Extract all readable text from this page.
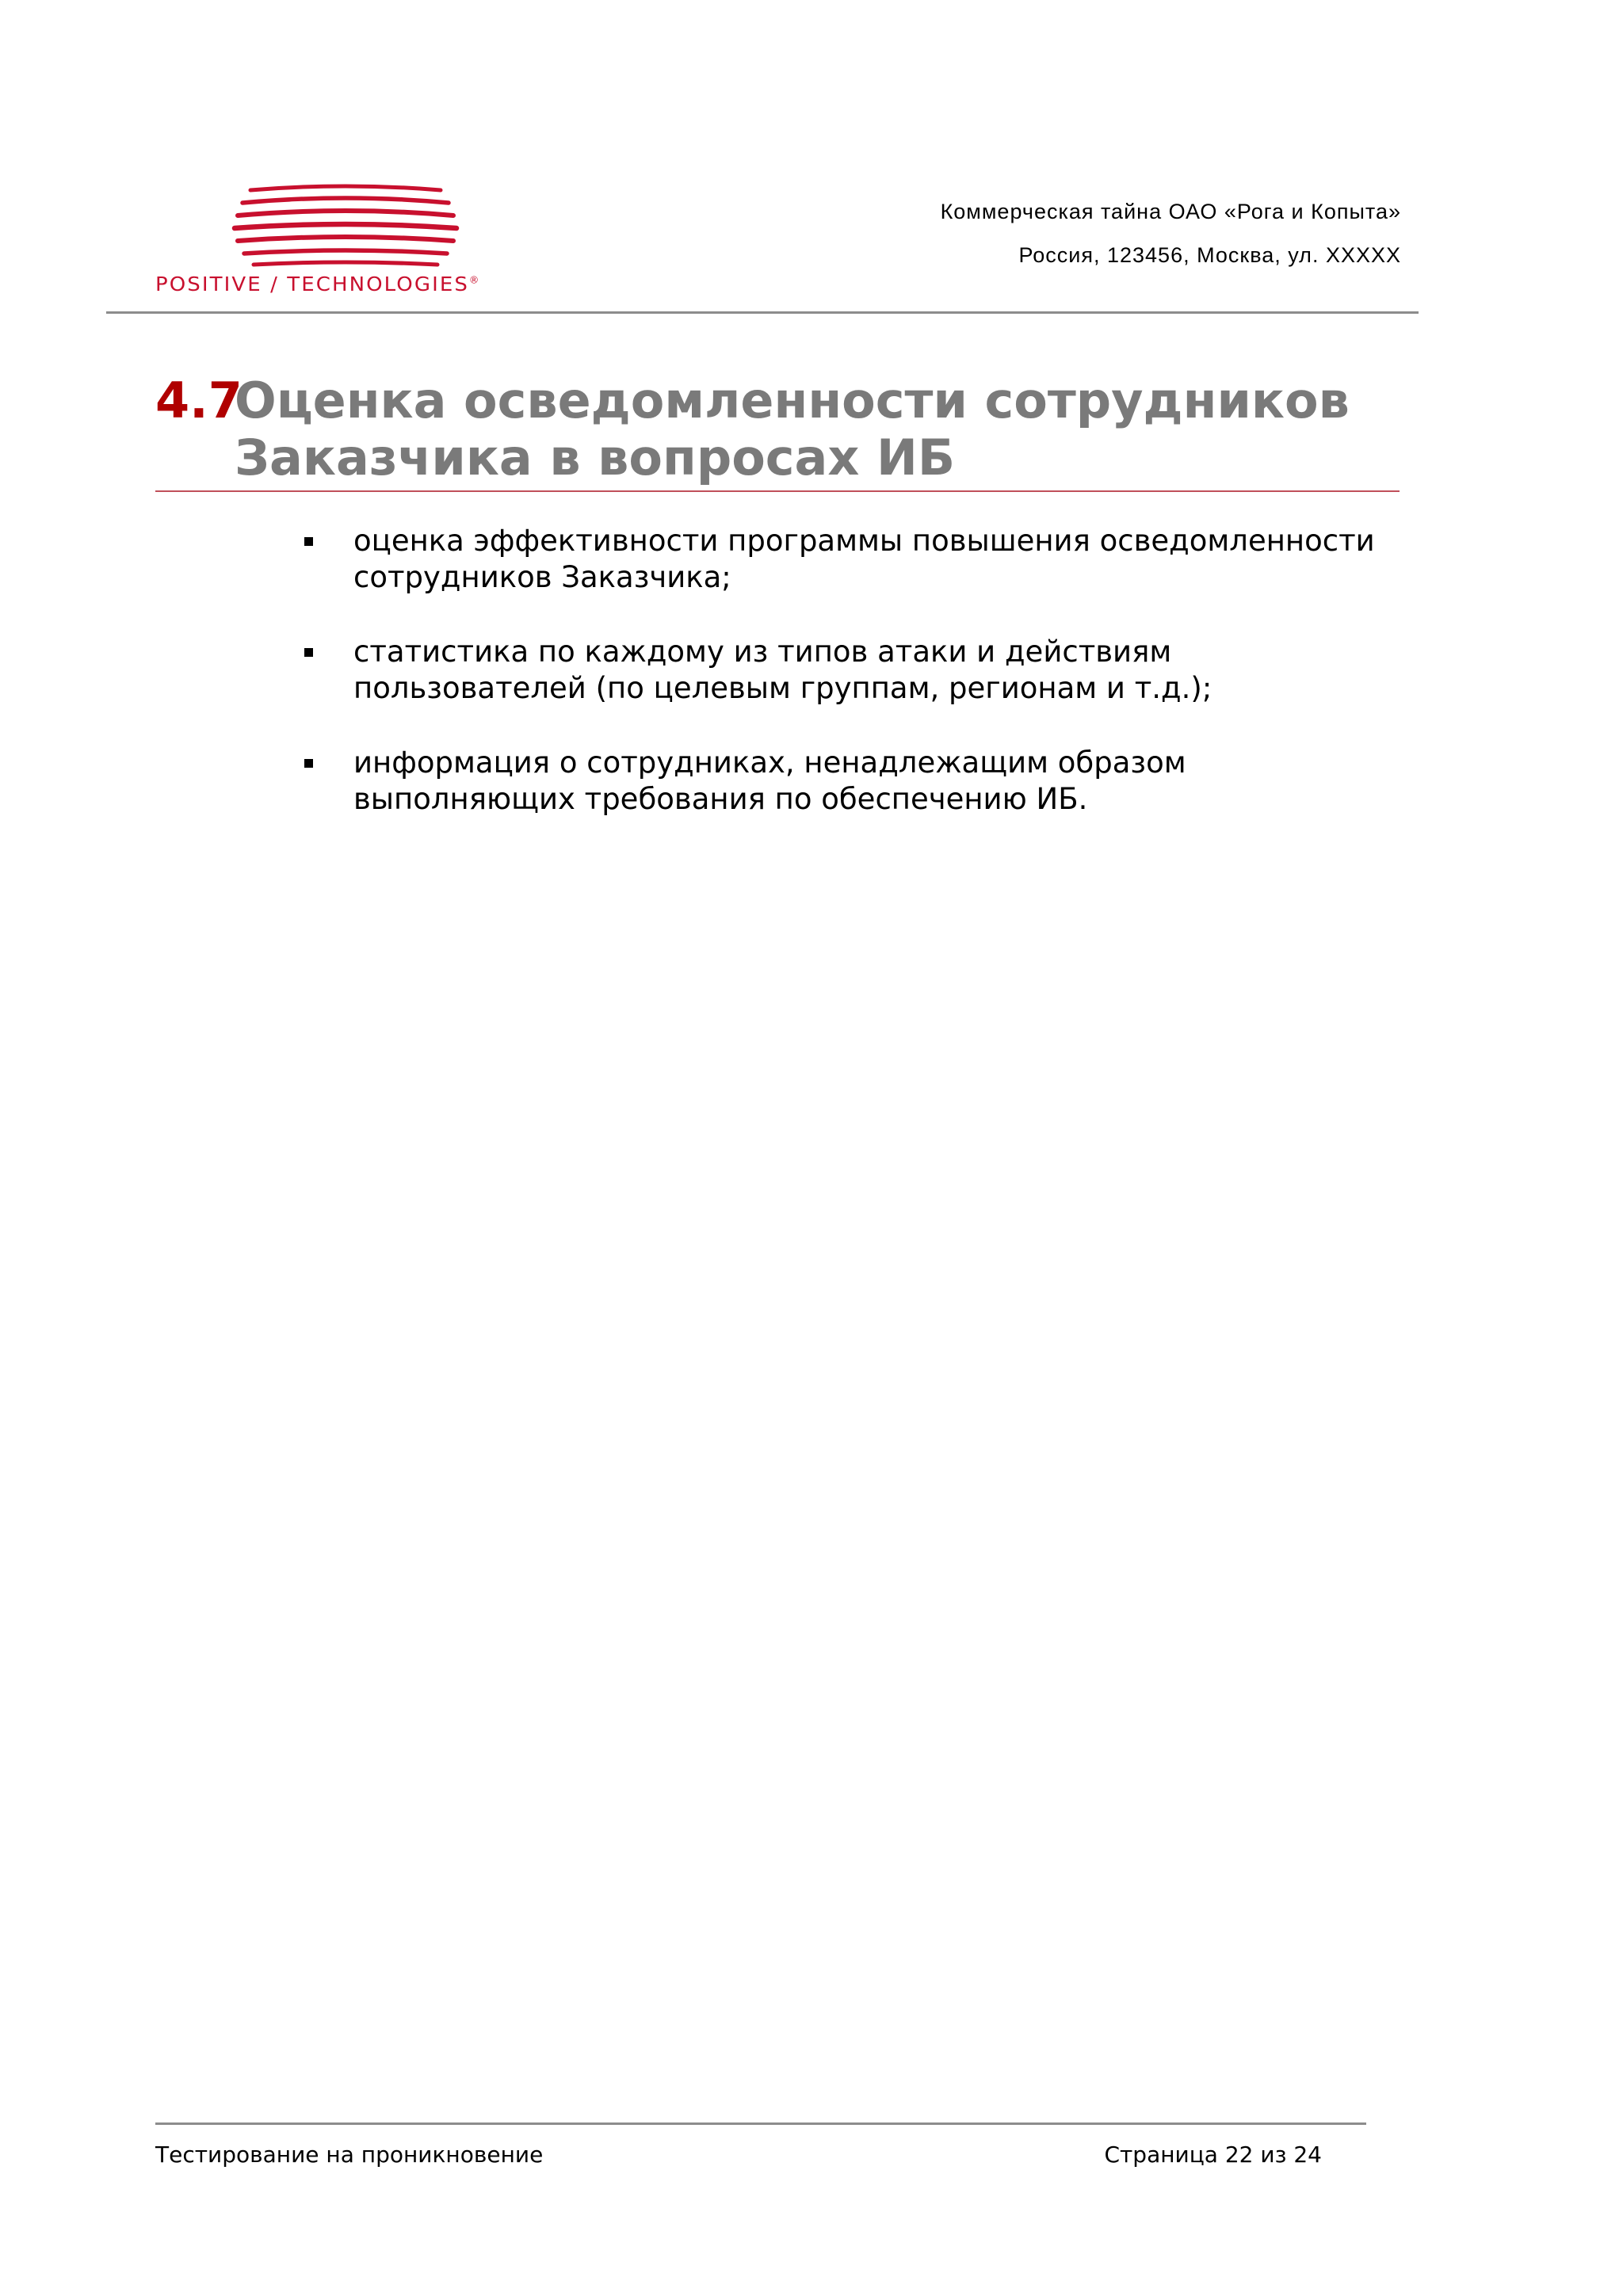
POSITIVE / TECHNOLOGIES®
Коммерческая тайна ОАО «Рога и Копыта»
Россия, 123456, Москва, ул. XXXXX
4.7
Оценка осведомленности сотрудников Заказчика в вопросах ИБ
оценка эффективности программы повышения осведомленности сотрудников Заказчика;
статистика по каждому из типов атаки и действиям пользователей (по целевым группам, регионам и т.д.);
информация о сотрудниках, ненадлежащим образом выполняющих требования по обеспечению ИБ.
Тестирование на проникновение	Страница 22 из 24
